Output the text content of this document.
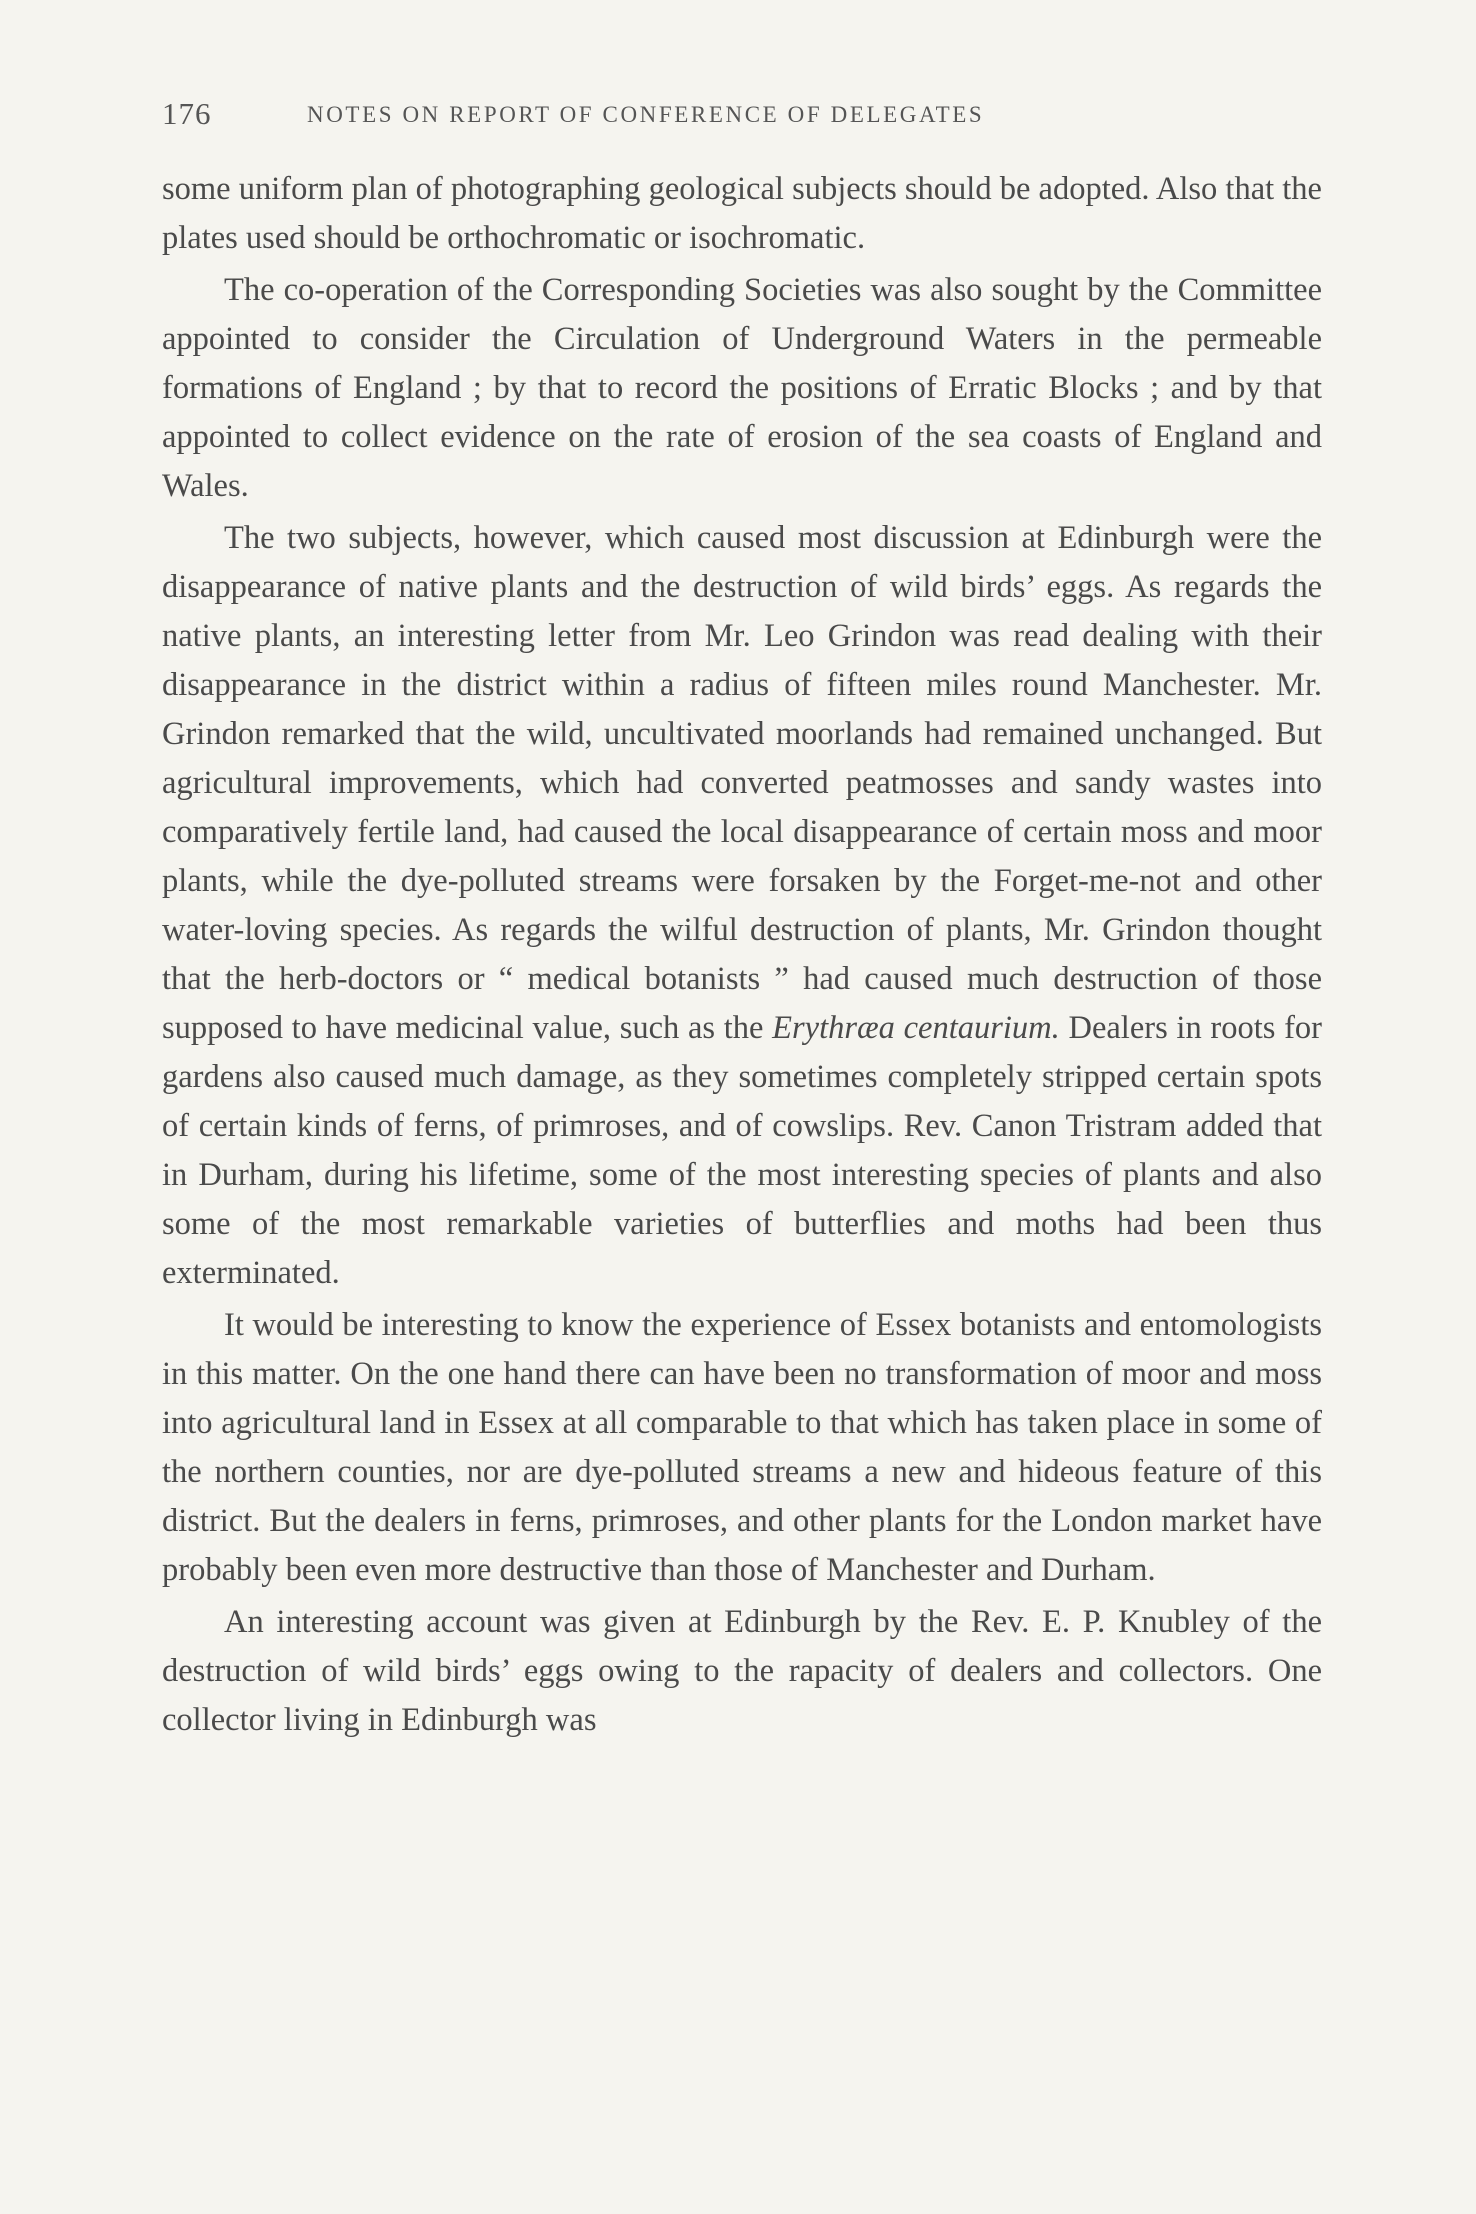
176	NOTES ON REPORT OF CONFERENCE OF DELEGATES

some uniform plan of photographing geological subjects should be adopted. Also that the plates used should be orthochromatic or isochromatic.

The co-operation of the Corresponding Societies was also sought by the Committee appointed to consider the Circulation of Underground Waters in the permeable formations of England ; by that to record the positions of Erratic Blocks ; and by that appointed to collect evidence on the rate of erosion of the sea coasts of England and Wales.

The two subjects, however, which caused most discussion at Edinburgh were the disappearance of native plants and the destruction of wild birds’ eggs. As regards the native plants, an interesting letter from Mr. Leo Grindon was read dealing with their disappearance in the district within a radius of fifteen miles round Manchester. Mr. Grindon remarked that the wild, uncultivated moorlands had remained unchanged. But agricultural improvements, which had converted peatmosses and sandy wastes into comparatively fertile land, had caused the local disappearance of certain moss and moor plants, while the dye-polluted streams were forsaken by the Forget-me-not and other water-loving species. As regards the wilful destruction of plants, Mr. Grindon thought that the herb-doctors or “ medical botanists ” had caused much destruction of those supposed to have medicinal value, such as the Erythræa centaurium. Dealers in roots for gardens also caused much damage, as they sometimes completely stripped certain spots of certain kinds of ferns, of primroses, and of cowslips. Rev. Canon Tristram added that in Durham, during his lifetime, some of the most interesting species of plants and also some of the most remarkable varieties of butterflies and moths had been thus exterminated.

It would be interesting to know the experience of Essex botanists and entomologists in this matter. On the one hand there can have been no transformation of moor and moss into agricultural land in Essex at all comparable to that which has taken place in some of the northern counties, nor are dye-polluted streams a new and hideous feature of this district. But the dealers in ferns, primroses, and other plants for the London market have probably been even more destructive than those of Manchester and Durham.

An interesting account was given at Edinburgh by the Rev. E. P. Knubley of the destruction of wild birds’ eggs owing to the rapacity of dealers and collectors. One collector living in Edinburgh was
